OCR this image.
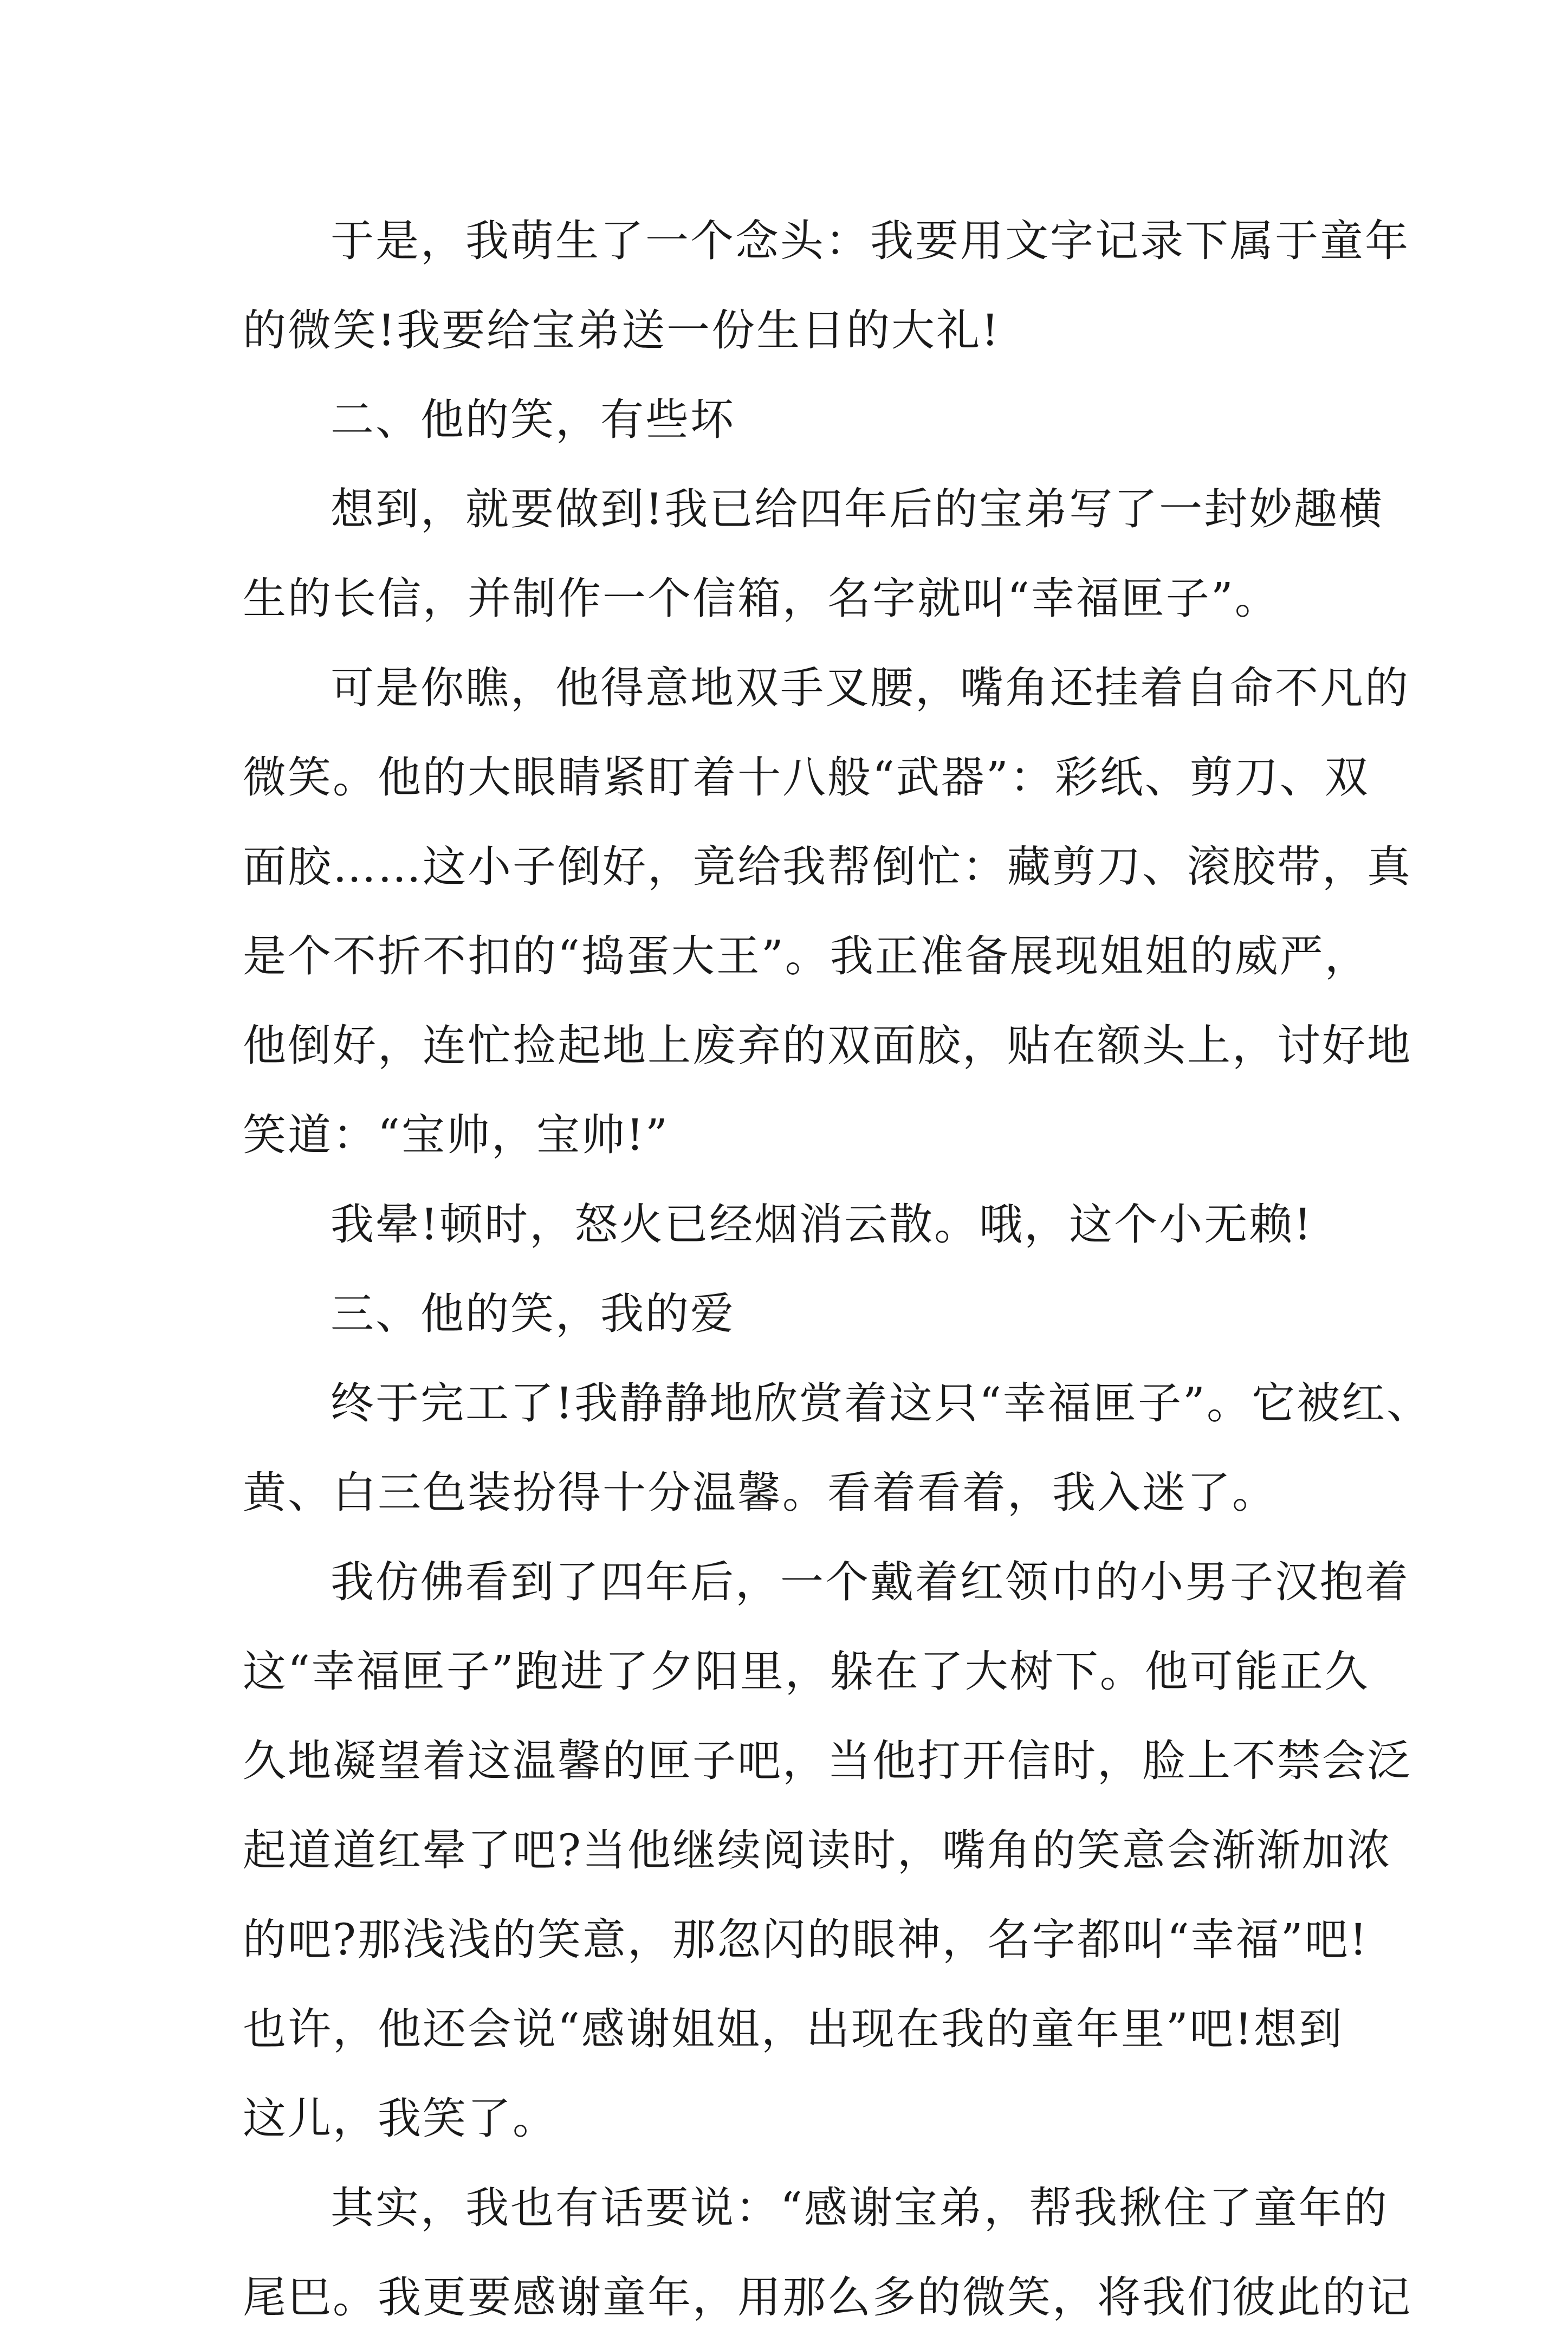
于是，我萌生了一个念头：我要用文字记录下属于童年
的微笑!我要给宝弟送一份生日的大礼!
二、他的笑，有些坏
想到，就要做到!我已给四年后的宝弟写了一封妙趣横
生的长信，并制作一个信箱，名字就叫“幸福匣子”。
可是你瞧，他得意地双手叉腰，嘴角还挂着自命不凡的
微笑。他的大眼睛紧盯着十八般“武器”：彩纸、剪刀、双
面胶……这小子倒好，竟给我帮倒忙：藏剪刀、滚胶带，真
是个不折不扣的“捣蛋大王”。我正准备展现姐姐的威严，
他倒好，连忙捡起地上废弃的双面胶，贴在额头上，讨好地
笑道：“宝帅，宝帅!”
我晕!顿时，怒火已经烟消云散。哦，这个小无赖!
三、他的笑，我的爱
终于完工了!我静静地欣赏着这只“幸福匣子”。它被红、
黄、白三色装扮得十分温馨。看着看着，我入迷了。
我仿佛看到了四年后，一个戴着红领巾的小男子汉抱着
这“幸福匣子”跑进了夕阳里，躲在了大树下。他可能正久
久地凝望着这温馨的匣子吧，当他打开信时，脸上不禁会泛
起道道红晕了吧?当他继续阅读时，嘴角的笑意会渐渐加浓
的吧?那浅浅的笑意，那忽闪的眼神，名字都叫“幸福”吧!
也许，他还会说“感谢姐姐，出现在我的童年里”吧!想到
这儿，我笑了。
其实，我也有话要说：“感谢宝弟，帮我揪住了童年的
尾巴。我更要感谢童年，用那么多的微笑，将我们彼此的记
